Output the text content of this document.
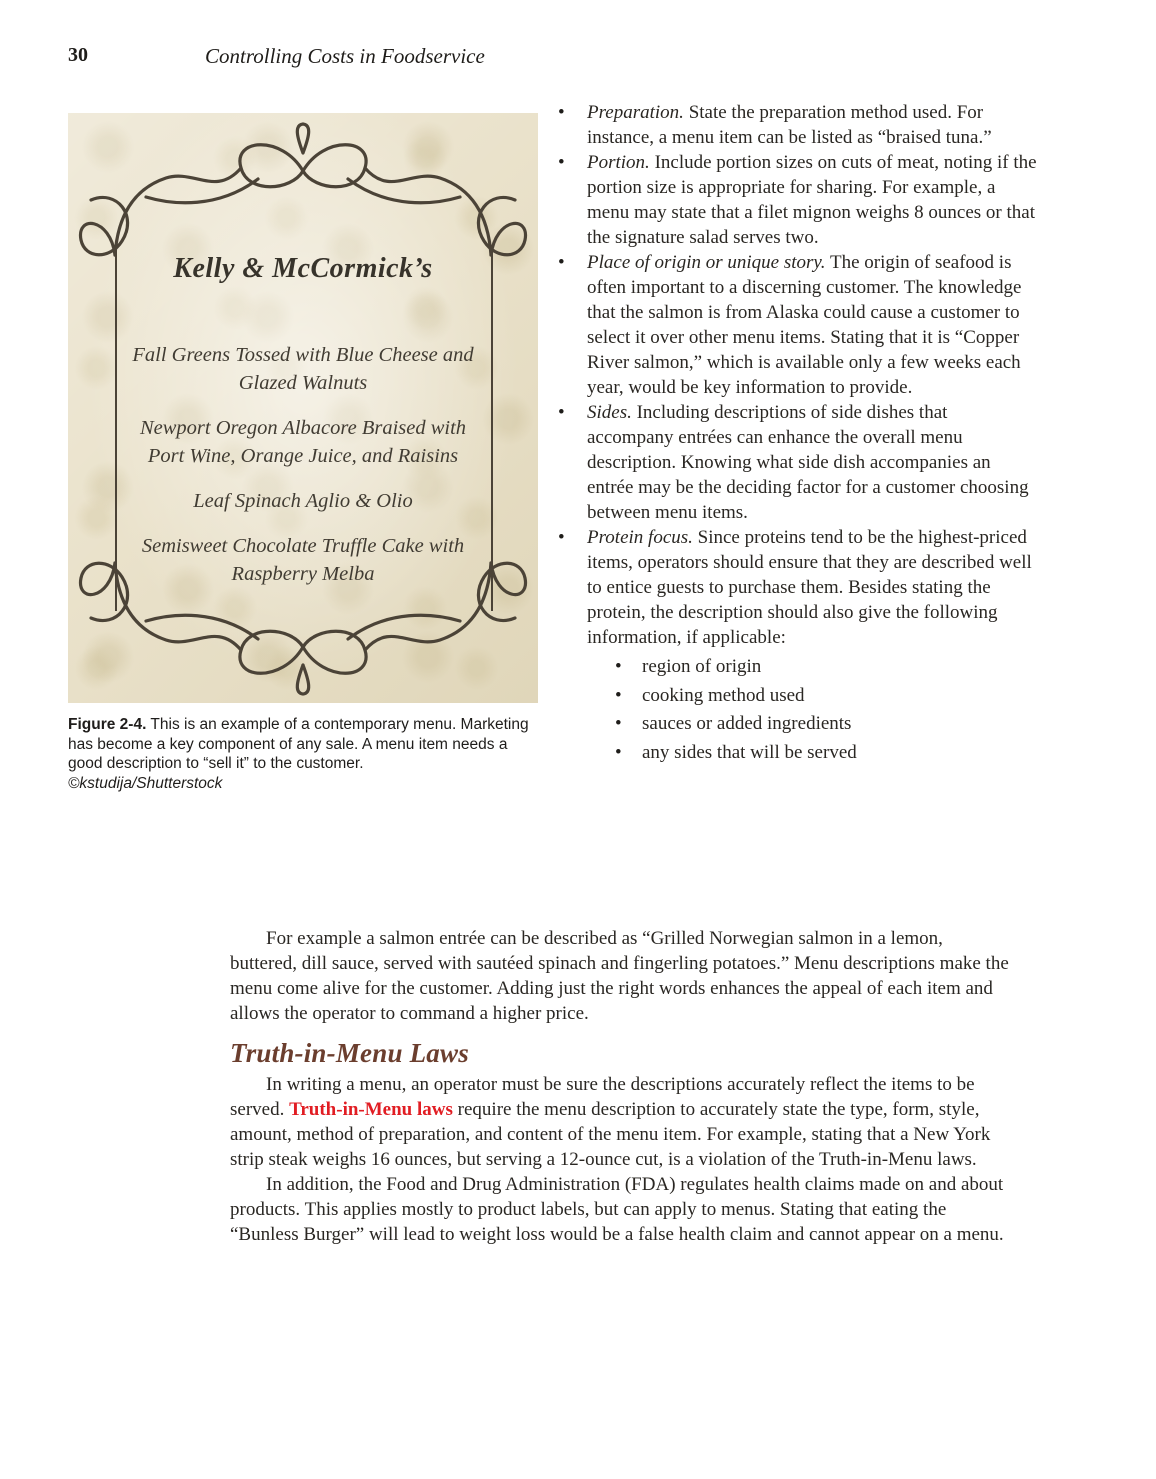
30	Controlling Costs in Foodservice
Kelly & McCormick’s
Fall Greens Tossed with Blue Cheese and Glazed Walnuts
Newport Oregon Albacore Braised with Port Wine, Orange Juice, and Raisins
Leaf Spinach Aglio & Olio
Semisweet Chocolate Truffle Cake with Raspberry Melba
Figure 2-4. This is an example of a contemporary menu. Marketing has become a key component of any sale. A menu item needs a good description to “sell it” to the customer.
©kstudija/Shutterstock
• Preparation. State the preparation method used. For instance, a menu item can be listed as “braised tuna.”
• Portion. Include portion sizes on cuts of meat, noting if the portion size is appropriate for sharing. For example, a menu may state that a filet mignon weighs 8 ounces or that the signature salad serves two.
• Place of origin or unique story. The origin of seafood is often important to a discerning customer. The knowledge that the salmon is from Alaska could cause a customer to select it over other menu items. Stating that it is “Copper River salmon,” which is available only a few weeks each year, would be key information to provide.
• Sides. Including descriptions of side dishes that accompany entrées can enhance the overall menu description. Knowing what side dish accompanies an entrée may be the deciding factor for a customer choosing between menu items.
• Protein focus. Since proteins tend to be the highest-priced items, operators should ensure that they are described well to entice guests to purchase them. Besides stating the protein, the description should also give the following information, if applicable:
• region of origin
• cooking method used
• sauces or added ingredients
• any sides that will be served

For example a salmon entrée can be described as “Grilled Norwegian salmon in a lemon, buttered, dill sauce, served with sautéed spinach and fingerling potatoes.” Menu descriptions make the menu come alive for the customer. Adding just the right words enhances the appeal of each item and allows the operator to command a higher price.

Truth-in-Menu Laws

In writing a menu, an operator must be sure the descriptions accurately reflect the items to be served. Truth-in-Menu laws require the menu description to accurately state the type, form, style, amount, method of preparation, and content of the menu item. For example, stating that a New York strip steak weighs 16 ounces, but serving a 12-ounce cut, is a violation of the Truth-in-Menu laws.

In addition, the Food and Drug Administration (FDA) regulates health claims made on and about products. This applies mostly to product labels, but can apply to menus. Stating that eating the “Bunless Burger” will lead to weight loss would be a false health claim and cannot appear on a menu.
